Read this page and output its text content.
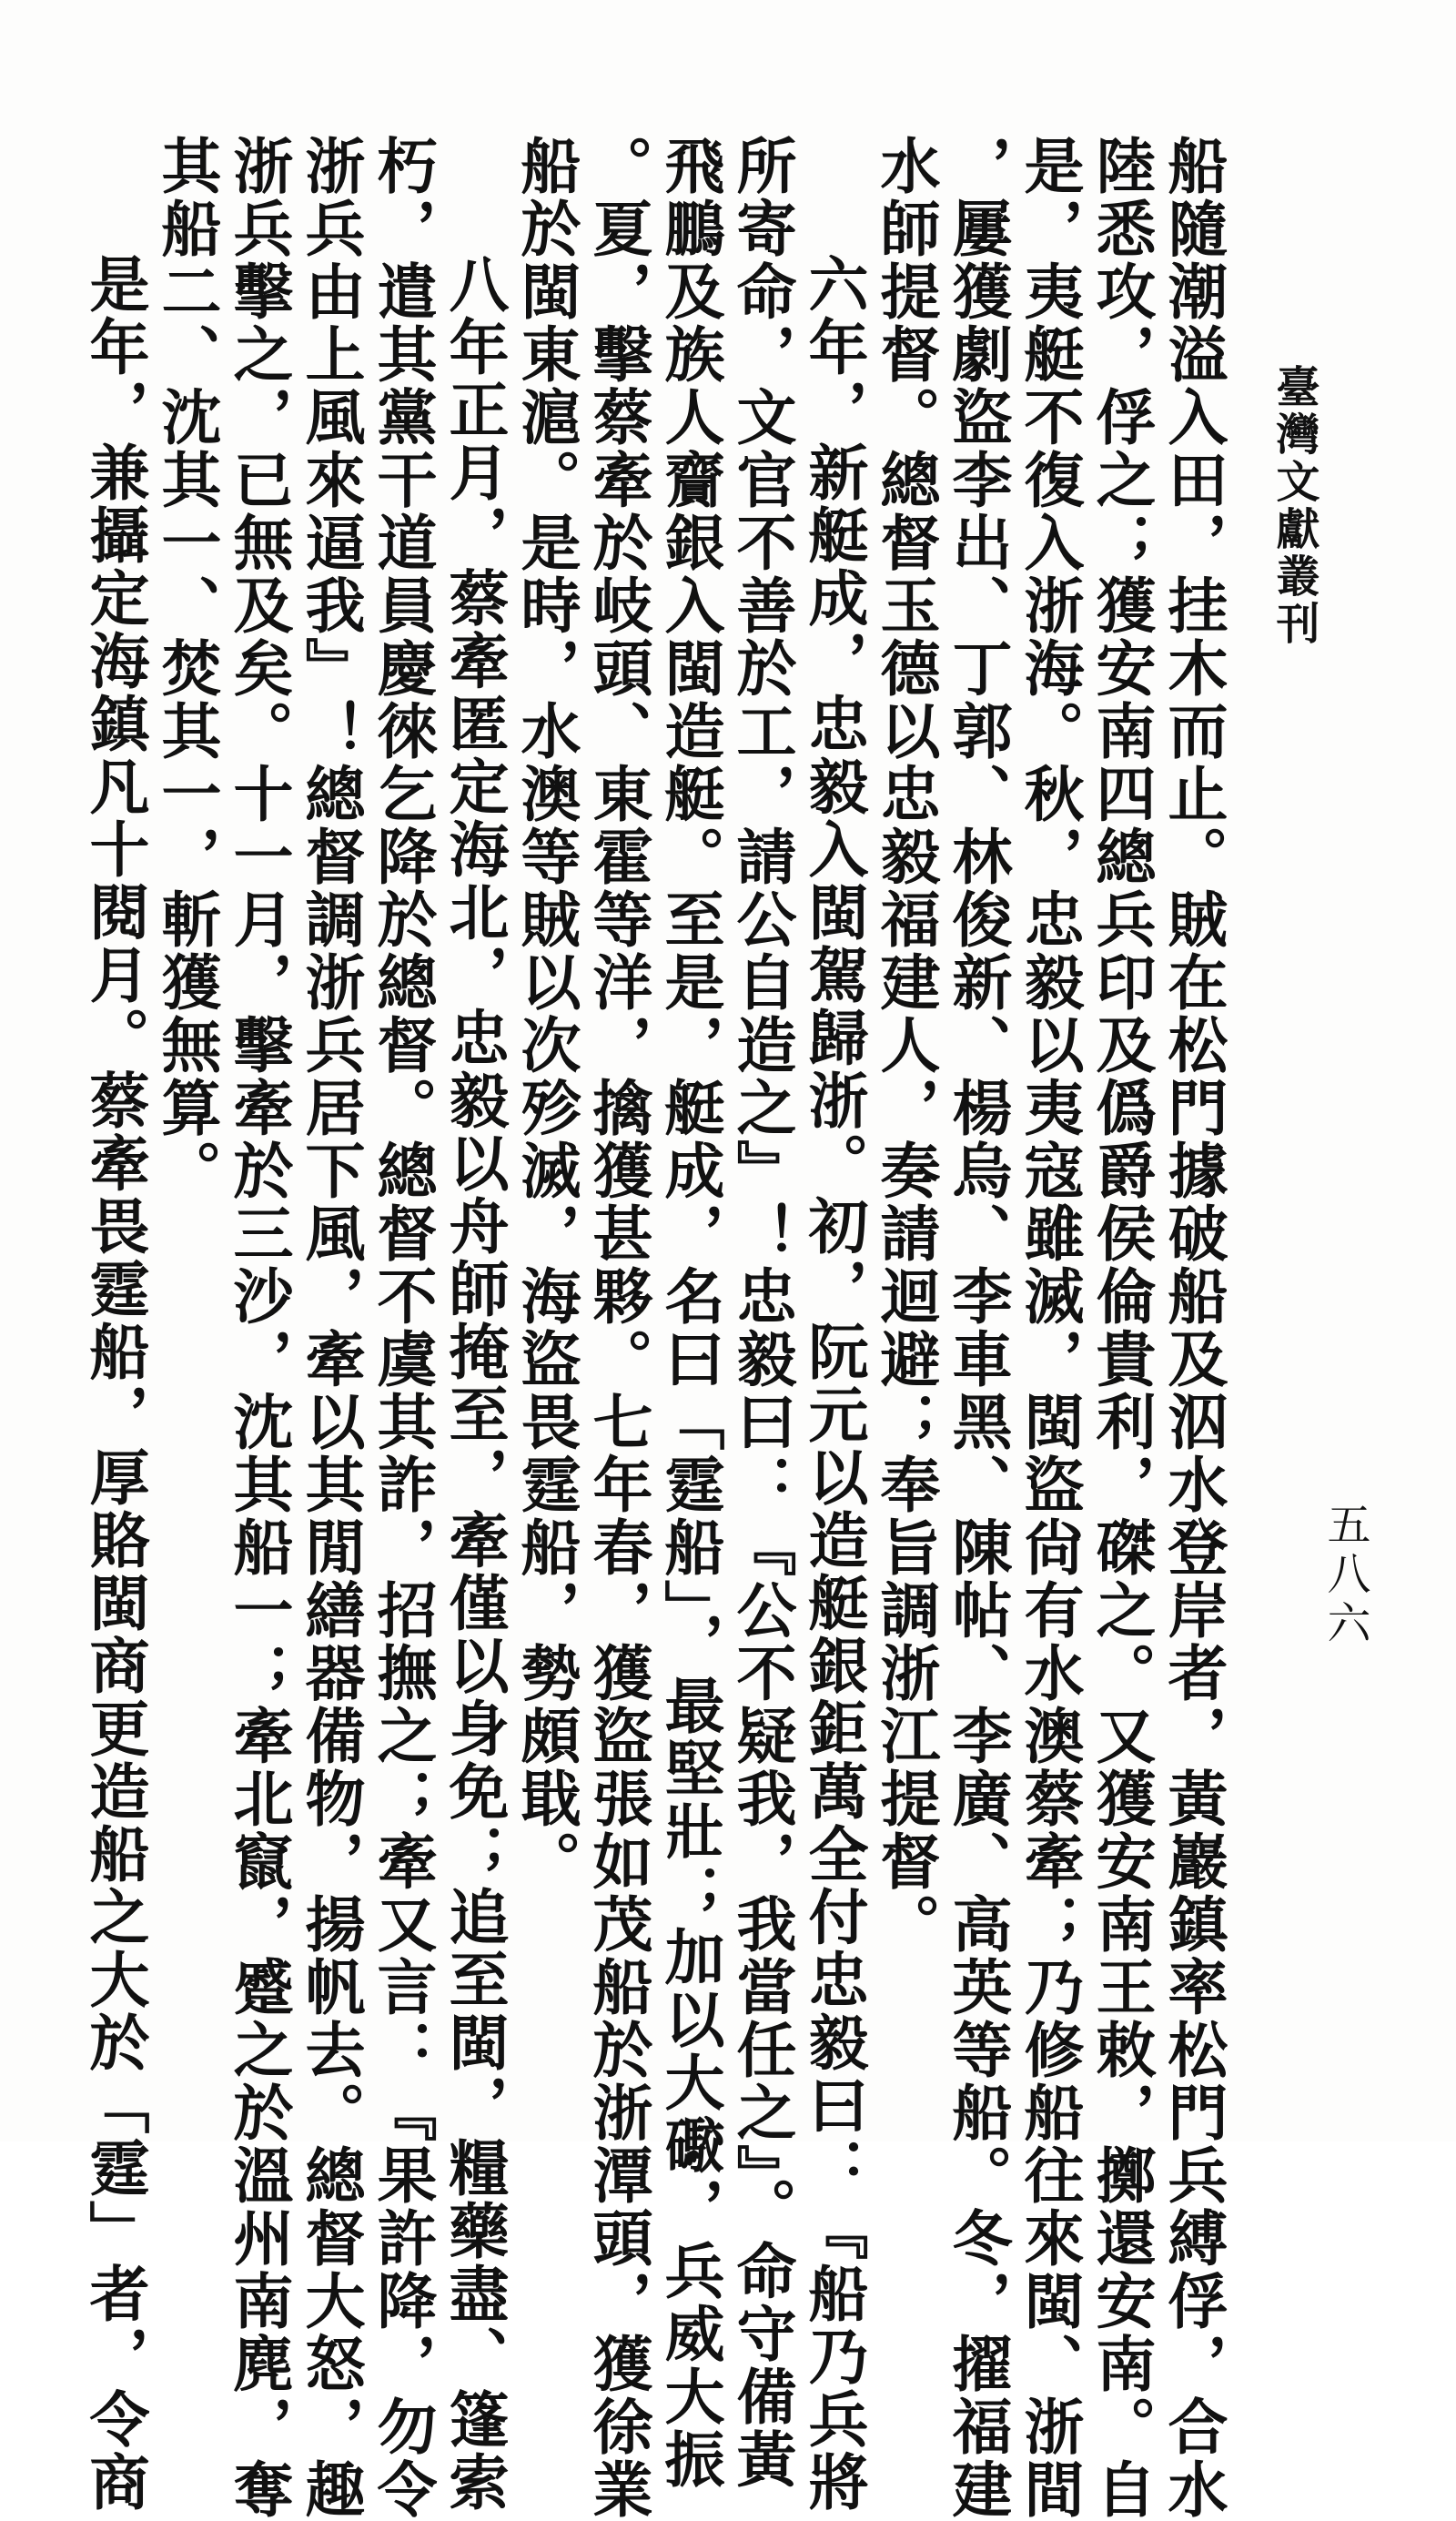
臺灣文獻叢刊
五八六
船隨潮溢入田，挂木而止。賊在松門據破船及泅水登岸者，黃巖鎮率松門兵縛俘，合水
陸悉攻，俘之；獲安南四總兵印及僞爵侯倫貴利，磔之。又獲安南王敕，擲還安南。自
是，夷艇不復入浙海。秋，忠毅以夷寇雖滅，閩盜尙有水澳蔡牽；乃修船往來閩、浙間
，屢獲劇盜李出、丁郭、林俊新、楊烏、李車黑、陳帖、李廣、高英等船。冬，擢福建
水師提督。總督玉德以忠毅福建人，奏請迴避；奉旨調浙江提督。
六年，新艇成，忠毅入閩駕歸浙。初，阮元以造艇銀鉅萬全付忠毅曰：『船乃兵將
所寄命，文官不善於工，請公自造之』！忠毅曰：『公不疑我，我當任之』。命守備黃
飛鵬及族人齎銀入閩造艇。至是，艇成，名曰「霆船」，最堅壯；加以大礮，兵威大振
。夏，擊蔡牽於岐頭、東霍等洋，擒獲甚夥。七年春，獲盜張如茂船於浙潭頭，獲徐業
船於閩東滬。是時，水澳等賊以次殄滅，海盜畏霆船，勢頗戢。
八年正月，蔡牽匿定海北，忠毅以舟師掩至，牽僅以身免；追至閩，糧藥盡、篷索
朽，遣其黨干道員慶徠乞降於總督。總督不虞其詐，招撫之；牽又言：『果許降，勿令
浙兵由上風來逼我』！總督調浙兵居下風，牽以其閒繕器備物，揚帆去。總督大怒，趣
浙兵擊之，已無及矣。十一月，擊牽於三沙，沈其船一；牽北竄，蹙之於溫州南麂，奪
其船二、沈其一、焚其一，斬獲無算。
是年，兼攝定海鎮凡十閱月。蔡牽畏霆船，厚賂閩商更造船之大於「霆」者，令商
